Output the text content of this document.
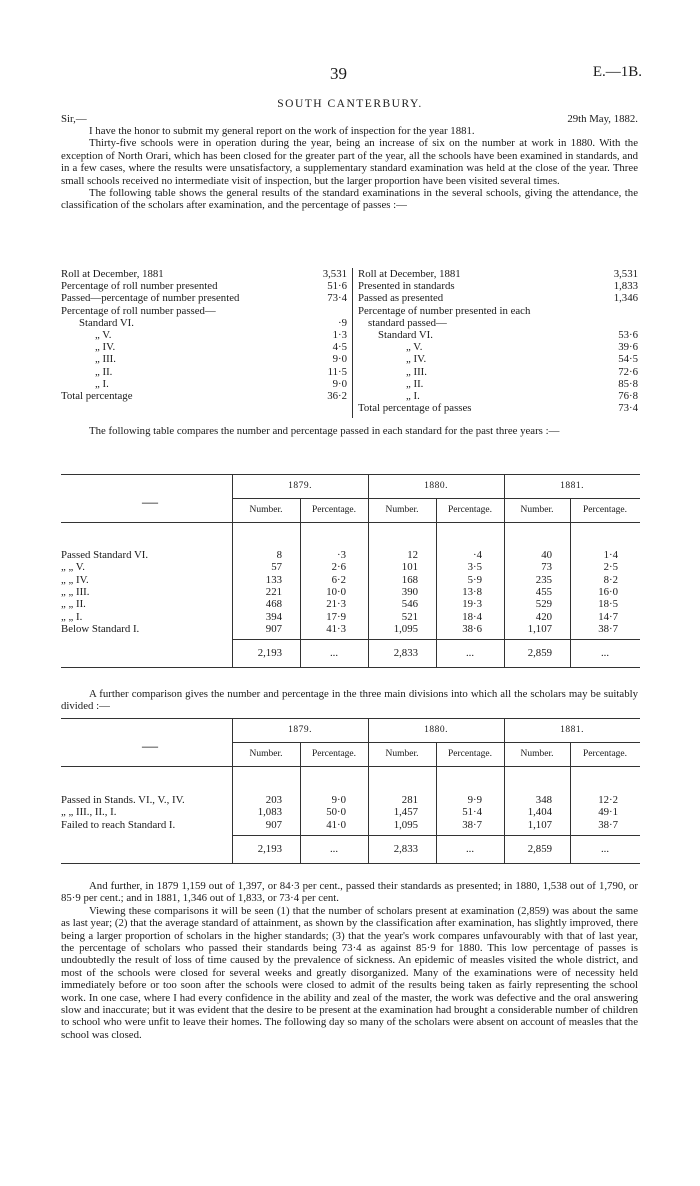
39	E.—1B.
SOUTH CANTERBURY.
Sir,—	29th May, 1882.

I have the honor to submit my general report on the work of inspection for the year 1881.

Thirty-five schools were in operation during the year, being an increase of six on the number at work in 1880. With the exception of North Orari, which has been closed for the greater part of the year, all the schools have been examined in standards, and in a few cases, where the results were unsatisfactory, a supplementary standard examination was held at the close of the year. Three small schools received no intermediate visit of inspection, but the larger proportion have been visited several times.

The following table shows the general results of the standard examinations in the several schools, giving the attendance, the classification of the scholars after examination, and the percentage of passes :—

Roll at December, 1881	3,531
Percentage of roll number presented	51·6
Passed—percentage of number presented	73·4
Percentage of roll number passed—
Standard VI.	·9
„ V.	1·3
„ IV.	4·5
„ III.	9·0
„ II.	11·5
„ I.	9·0
Total percentage	36·2
Roll at December, 1881	3,531
Presented in standards	1,833
Passed as presented	1,346
Percentage of number presented in each
standard passed—
Standard VI.	53·6
„ V.	39·6
„ IV.	54·5
„ III.	72·6
„ II.	85·8
„ I.	76·8
Total percentage of passes	73·4

The following table compares the number and percentage passed in each standard for the past three years :—

1879.	1880.	1881.
Number.	Percentage.	Number.	Percentage.	Number.	Percentage.
—
Passed Standard VI.	8	·3	12	·4	40	1·4
„ „ V.	57	2·6	101	3·5	73	2·5
„ „ IV.	133	6·2	168	5·9	235	8·2
„ „ III.	221	10·0	390	13·8	455	16·0
„ „ II.	468	21·3	546	19·3	529	18·5
„ „ I.	394	17·9	521	18·4	420	14·7
Below Standard I.	907	41·3	1,095	38·6	1,107	38·7
2,193	...	2,833	...	2,859	...

A further comparison gives the number and percentage in the three main divisions into which all the scholars may be suitably divided :—

1879.	1880.	1881.
Number.	Percentage.	Number.	Percentage.	Number.	Percentage.
—
Passed in Stands. VI., V., IV.	203	9·0	281	9·9	348	12·2
„ „ III., II., I.	1,083	50·0	1,457	51·4	1,404	49·1
Failed to reach Standard I.	907	41·0	1,095	38·7	1,107	38·7
2,193	...	2,833	...	2,859	...

And further, in 1879 1,159 out of 1,397, or 84·3 per cent., passed their standards as presented; in 1880, 1,538 out of 1,790, or 85·9 per cent.; and in 1881, 1,346 out of 1,833, or 73·4 per cent.

Viewing these comparisons it will be seen (1) that the number of scholars present at examination (2,859) was about the same as last year; (2) that the average standard of attainment, as shown by the classification after examination, has slightly improved, there being a larger proportion of scholars in the higher standards; (3) that the year's work compares unfavourably with that of last year, the percentage of scholars who passed their standards being 73·4 as against 85·9 for 1880. This low percentage of passes is undoubtedly the result of loss of time caused by the prevalence of sickness. An epidemic of measles visited the whole district, and most of the schools were closed for several weeks and greatly disorganized. Many of the examinations were of necessity held immediately before or too soon after the schools were closed to admit of the results being taken as fairly representing the school work. In one case, where I had every confidence in the ability and zeal of the master, the work was defective and the oral answering slow and inaccurate; but it was evident that the desire to be present at the examination had brought a considerable number of children to school who were unfit to leave their homes. The following day so many of the scholars were absent on account of measles that the school was closed.
